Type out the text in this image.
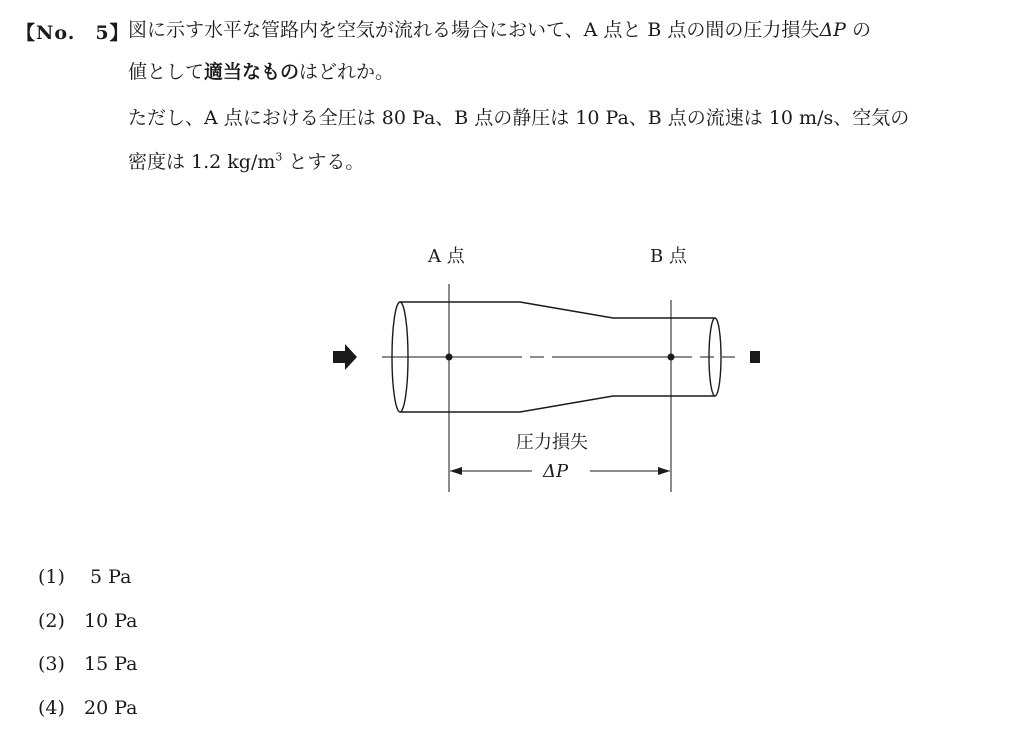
【No.　5】
図に示す水平な管路内を空気が流れる場合において、A 点と B 点の間の圧力損失ΔP の
値として適当なものはどれか。
ただし、A 点における全圧は 80 Pa、B 点の静圧は 10 Pa、B 点の流速は 10 m/s、空気の
密度は 1.2 $kg/m^3$ とする。
A 点	B 点
圧力損失
ΔP
(1) 5 Pa
(2) 10 Pa
(3) 15 Pa
(4) 20 Pa
